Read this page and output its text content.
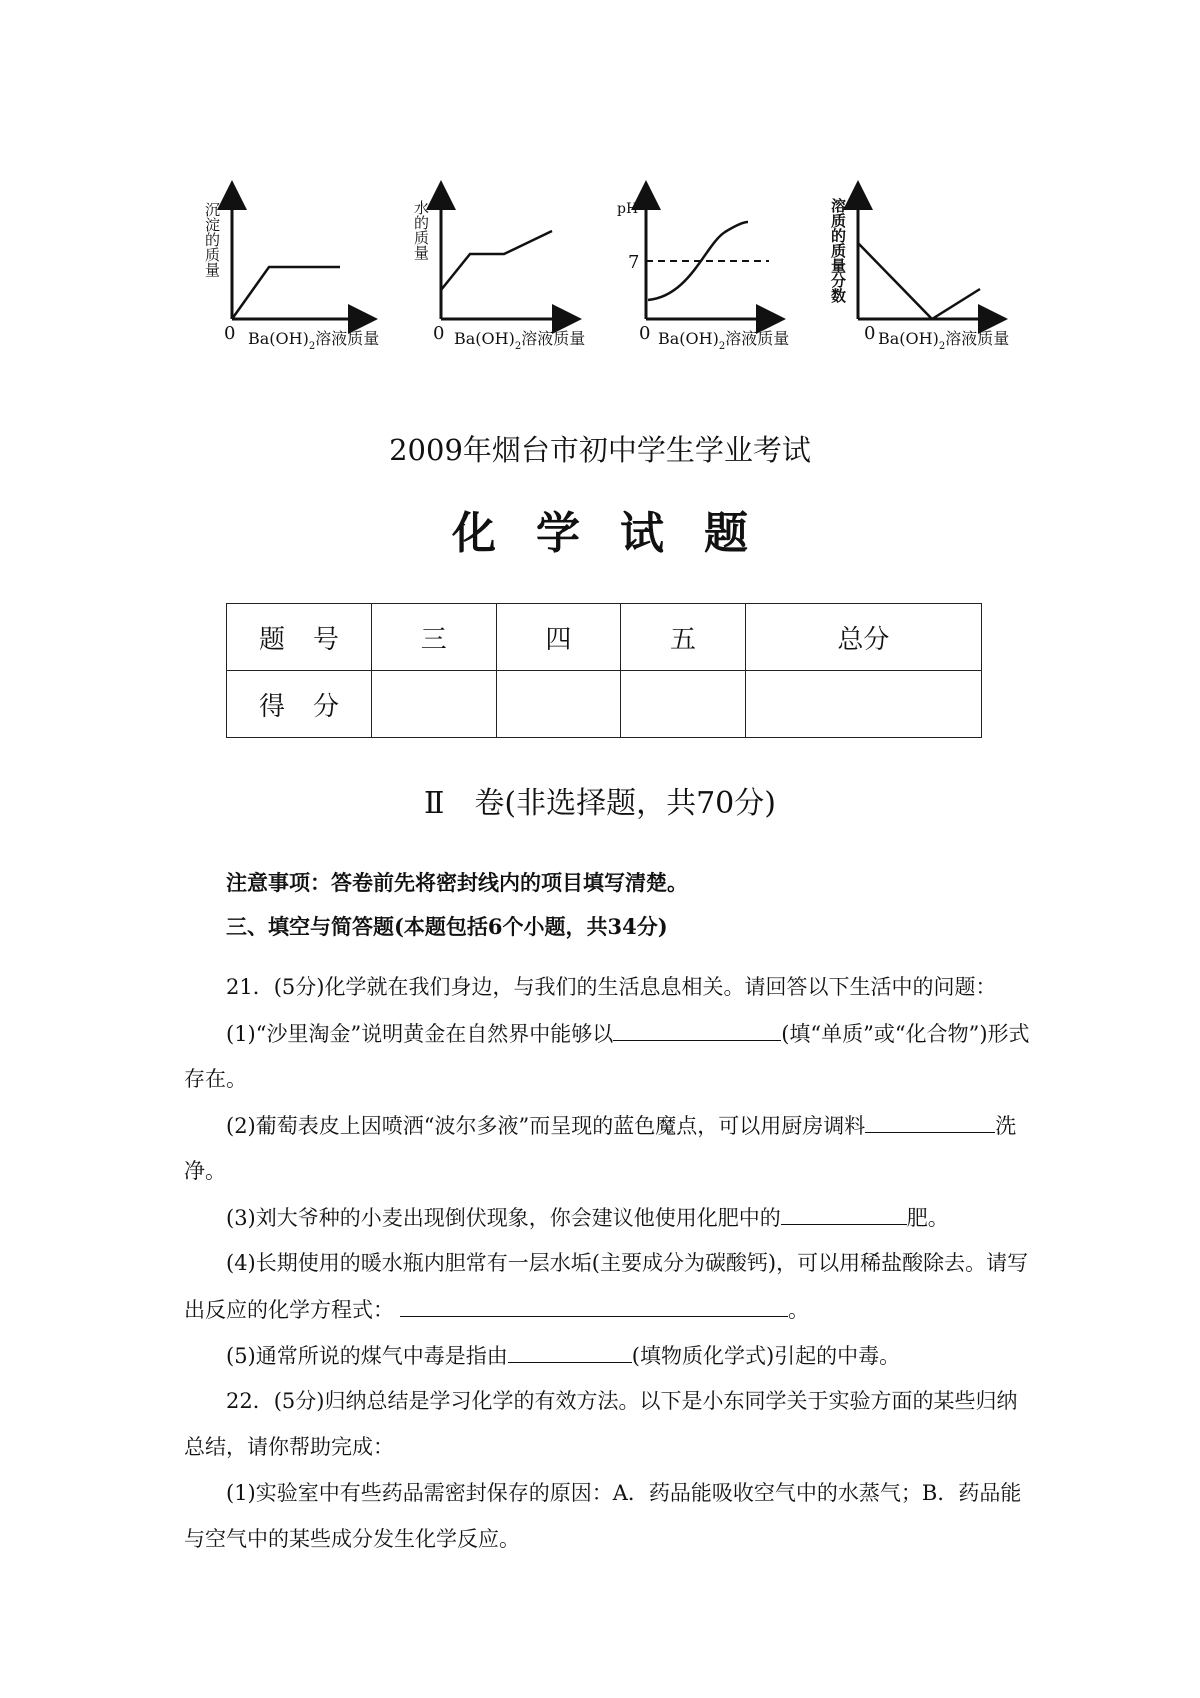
沉淀的质量
0 $Ba(OH)_2$溶液质量
水的质量
0 $Ba(OH)_2$溶液质量
pH
7
0 $Ba(OH)_2$溶液质量
溶质的质量分数
0 $Ba(OH)_2$溶液质量
2009年烟台市初中学生学业考试
化学试题
题号	三	四	五	总分
得分				
Ⅱ　卷(非选择题，共70分)
注意事项：答卷前先将密封线内的项目填写清楚。
三、填空与简答题(本题包括6个小题，共34分)
21．(5分)化学就在我们身边，与我们的生活息息相关。请回答以下生活中的问题：
(1)“沙里淘金”说明黄金在自然界中能够以	(填“单质”或“化合物”)形式
存在。
(2)葡萄表皮上因喷洒“波尔多液”而呈现的蓝色魔点，可以用厨房调料	洗
净。
(3)刘大爷种的小麦出现倒伏现象，你会建议他使用化肥中的	肥。
(4)长期使用的暖水瓶内胆常有一层水垢(主要成分为碳酸钙)，可以用稀盐酸除去。请写
出反应的化学方程式：	。
(5)通常所说的煤气中毒是指由	(填物质化学式)引起的中毒。
22．(5分)归纳总结是学习化学的有效方法。以下是小东同学关于实验方面的某些归纳
总结，请你帮助完成：
(1)实验室中有些药品需密封保存的原因：A．药品能吸收空气中的水蒸气；B．药品能
与空气中的某些成分发生化学反应。
